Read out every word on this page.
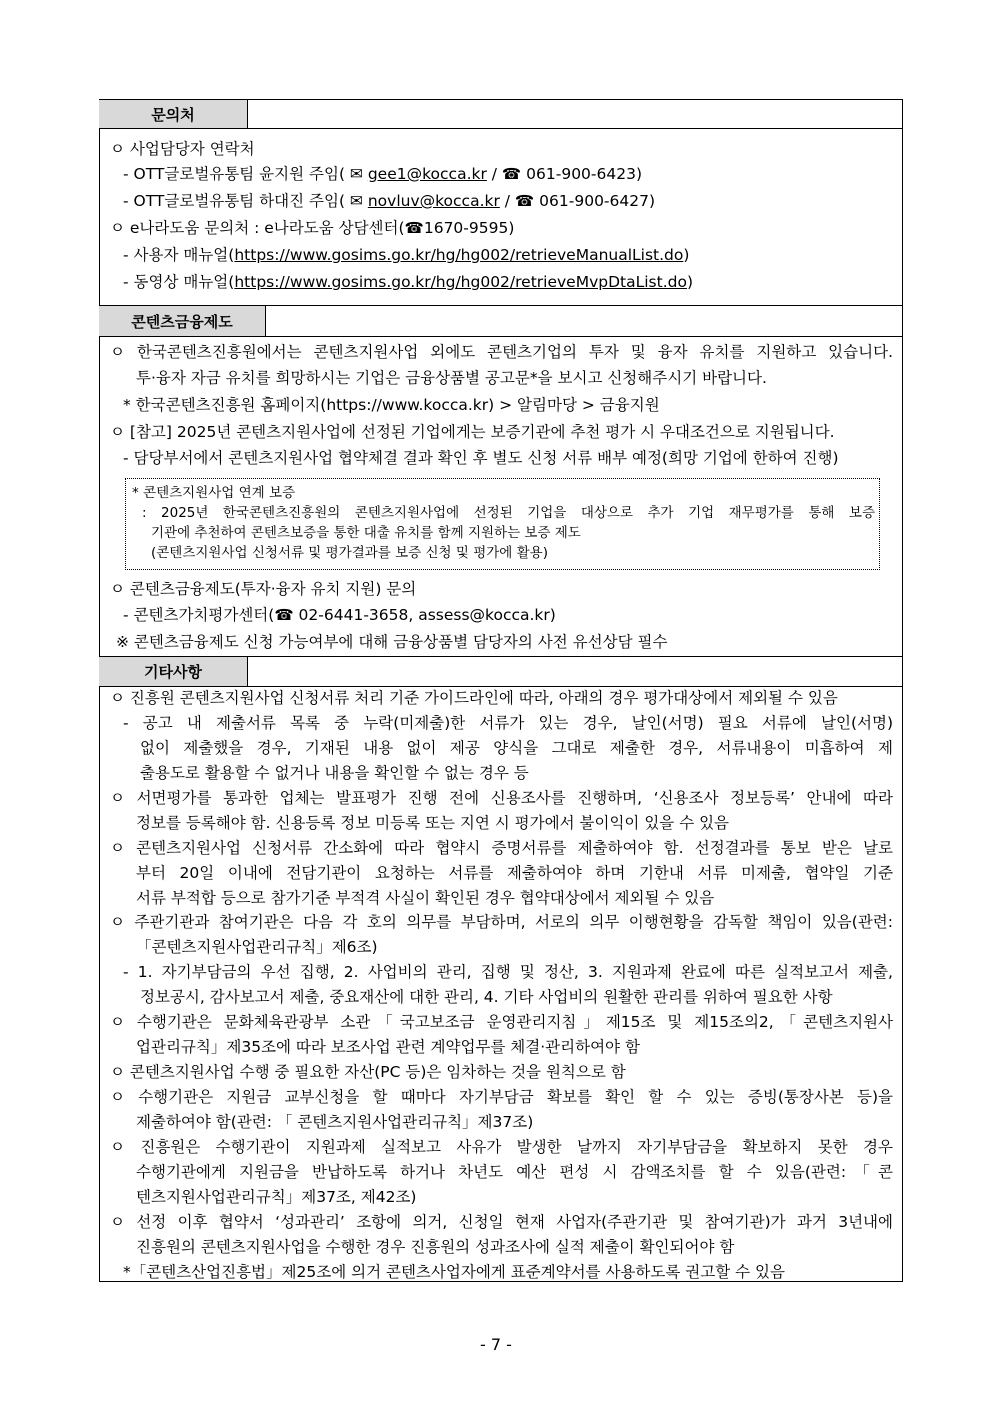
문의처
ㅇ 사업담당자 연락처
- OTT글로벌유통팀 윤지원 주임( ✉ gee1@kocca.kr / ☎ 061-900-6423)
- OTT글로벌유통팀 하대진 주임( ✉ novluv@kocca.kr / ☎ 061-900-6427)
ㅇ e나라도움 문의처 : e나라도움 상담센터(☎1670-9595)
- 사용자 매뉴얼(https://www.gosims.go.kr/hg/hg002/retrieveManualList.do)
- 동영상 매뉴얼(https://www.gosims.go.kr/hg/hg002/retrieveMvpDtaList.do)
콘텐츠금융제도
ㅇ 한국콘텐츠진흥원에서는 콘텐츠지원사업 외에도 콘텐츠기업의 투자 및 융자 유치를 지원하고 있습니다.
투·융자 자금 유치를 희망하시는 기업은 금융상품별 공고문*을 보시고 신청해주시기 바랍니다.
* 한국콘텐츠진흥원 홈페이지(https://www.kocca.kr) > 알림마당 > 금융지원
ㅇ [참고] 2025년 콘텐츠지원사업에 선정된 기업에게는 보증기관에 추천 평가 시 우대조건으로 지원됩니다.
- 담당부서에서 콘텐츠지원사업 협약체결 결과 확인 후 별도 신청 서류 배부 예정(희망 기업에 한하여 진행)
* 콘텐츠지원사업 연계 보증
: 2025년 한국콘텐츠진흥원의 콘텐츠지원사업에 선정된 기업을 대상으로 추가 기업 재무평가를 통해 보증
기관에 추천하여 콘텐츠보증을 통한 대출 유치를 함께 지원하는 보증 제도
(콘텐츠지원사업 신청서류 및 평가결과를 보증 신청 및 평가에 활용)
ㅇ 콘텐츠금융제도(투자·융자 유치 지원) 문의
- 콘텐츠가치평가센터(☎ 02-6441-3658, assess@kocca.kr)
※ 콘텐츠금융제도 신청 가능여부에 대해 금융상품별 담당자의 사전 유선상담 필수
기타사항
ㅇ 진흥원 콘텐츠지원사업 신청서류 처리 기준 가이드라인에 따라, 아래의 경우 평가대상에서 제외될 수 있음
- 공고 내 제출서류 목록 중 누락(미제출)한 서류가 있는 경우, 날인(서명) 필요 서류에 날인(서명)
없이 제출했을 경우, 기재된 내용 없이 제공 양식을 그대로 제출한 경우, 서류내용이 미흡하여 제
출용도로 활용할 수 없거나 내용을 확인할 수 없는 경우 등
ㅇ 서면평가를 통과한 업체는 발표평가 진행 전에 신용조사를 진행하며, ‘신용조사 정보등록’ 안내에 따라
정보를 등록해야 함. 신용등록 정보 미등록 또는 지연 시 평가에서 불이익이 있을 수 있음
ㅇ 콘텐츠지원사업 신청서류 간소화에 따라 협약시 증명서류를 제출하여야 함. 선정결과를 통보 받은 날로
부터 20일 이내에 전담기관이 요청하는 서류를 제출하여야 하며 기한내 서류 미제출, 협약일 기준
서류 부적합 등으로 참가기준 부적격 사실이 확인된 경우 협약대상에서 제외될 수 있음
ㅇ 주관기관과 참여기관은 다음 각 호의 의무를 부담하며, 서로의 의무 이행현황을 감독할 책임이 있음(관련:
「콘텐츠지원사업관리규칙」제6조)
- 1. 자기부담금의 우선 집행, 2. 사업비의 관리, 집행 및 정산, 3. 지원과제 완료에 따른 실적보고서 제출,
정보공시, 감사보고서 제출, 중요재산에 대한 관리, 4. 기타 사업비의 원활한 관리를 위하여 필요한 사항
ㅇ 수행기관은 문화체육관광부 소관「국고보조금 운영관리지침」제15조 및 제15조의2,「콘텐츠지원사
업관리규칙」제35조에 따라 보조사업 관련 계약업무를 체결·관리하여야 함
ㅇ 콘텐츠지원사업 수행 중 필요한 자산(PC 등)은 임차하는 것을 원칙으로 함
ㅇ 수행기관은 지원금 교부신청을 할 때마다 자기부담금 확보를 확인 할 수 있는 증빙(통장사본 등)을
제출하여야 함(관련: 「 콘텐츠지원사업관리규칙」제37조)
ㅇ 진흥원은 수행기관이 지원과제 실적보고 사유가 발생한 날까지 자기부담금을 확보하지 못한 경우
수행기관에게 지원금을 반납하도록 하거나 차년도 예산 편성 시 감액조치를 할 수 있음(관련:「콘
텐츠지원사업관리규칙」제37조, 제42조)
ㅇ 선정 이후 협약서 ‘성과관리’ 조항에 의거, 신청일 현재 사업자(주관기관 및 참여기관)가 과거 3년내에
진흥원의 콘텐츠지원사업을 수행한 경우 진흥원의 성과조사에 실적 제출이 확인되어야 함
*「콘텐츠산업진흥법」제25조에 의거 콘텐츠사업자에게 표준계약서를 사용하도록 권고할 수 있음
- 7 -
